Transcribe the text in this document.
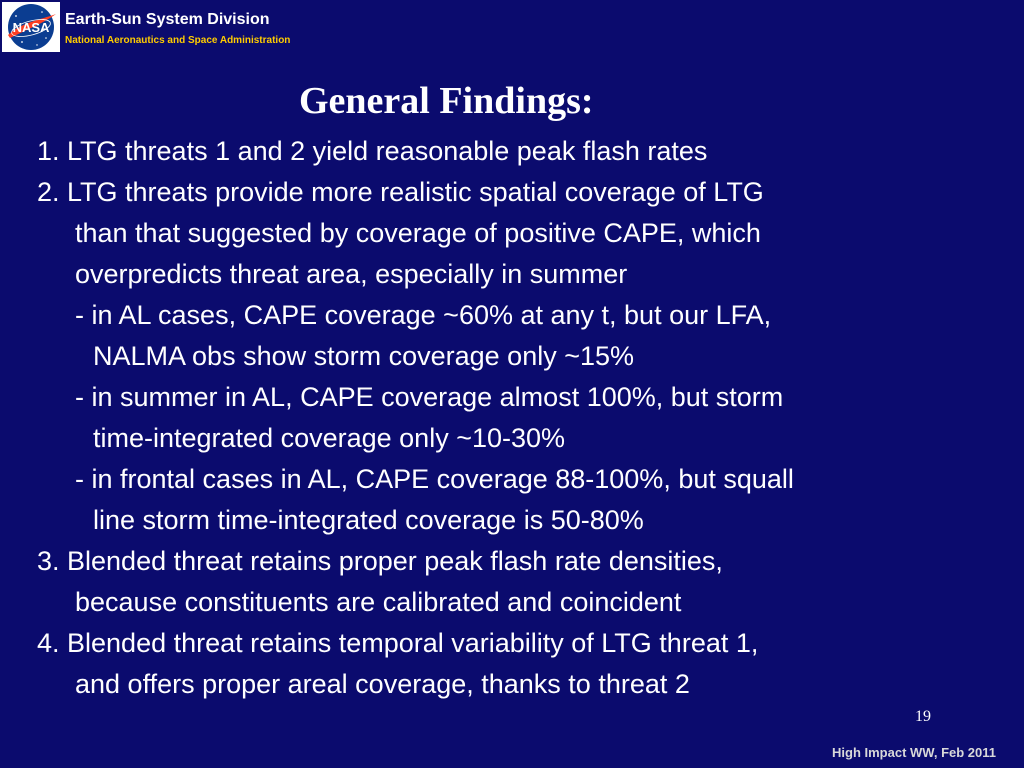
NASA Earth-Sun System Division
National Aeronautics and Space Administration
General Findings:
1. LTG threats 1 and 2 yield reasonable peak flash rates
2. LTG threats provide more realistic spatial coverage of LTG
than that suggested by coverage of positive CAPE, which
overpredicts threat area, especially in summer
- in AL cases, CAPE coverage ~60% at any t, but our LFA,
NALMA obs show storm coverage only ~15%
- in summer in AL, CAPE coverage almost 100%, but storm
time-integrated coverage only ~10-30%
- in frontal cases in AL, CAPE coverage 88-100%, but squall
line storm time-integrated coverage is 50-80%
3. Blended threat retains proper peak flash rate densities,
because constituents are calibrated and coincident
4. Blended threat retains temporal variability of LTG threat 1,
and offers proper areal coverage, thanks to threat 2
19
High Impact WW, Feb 2011
